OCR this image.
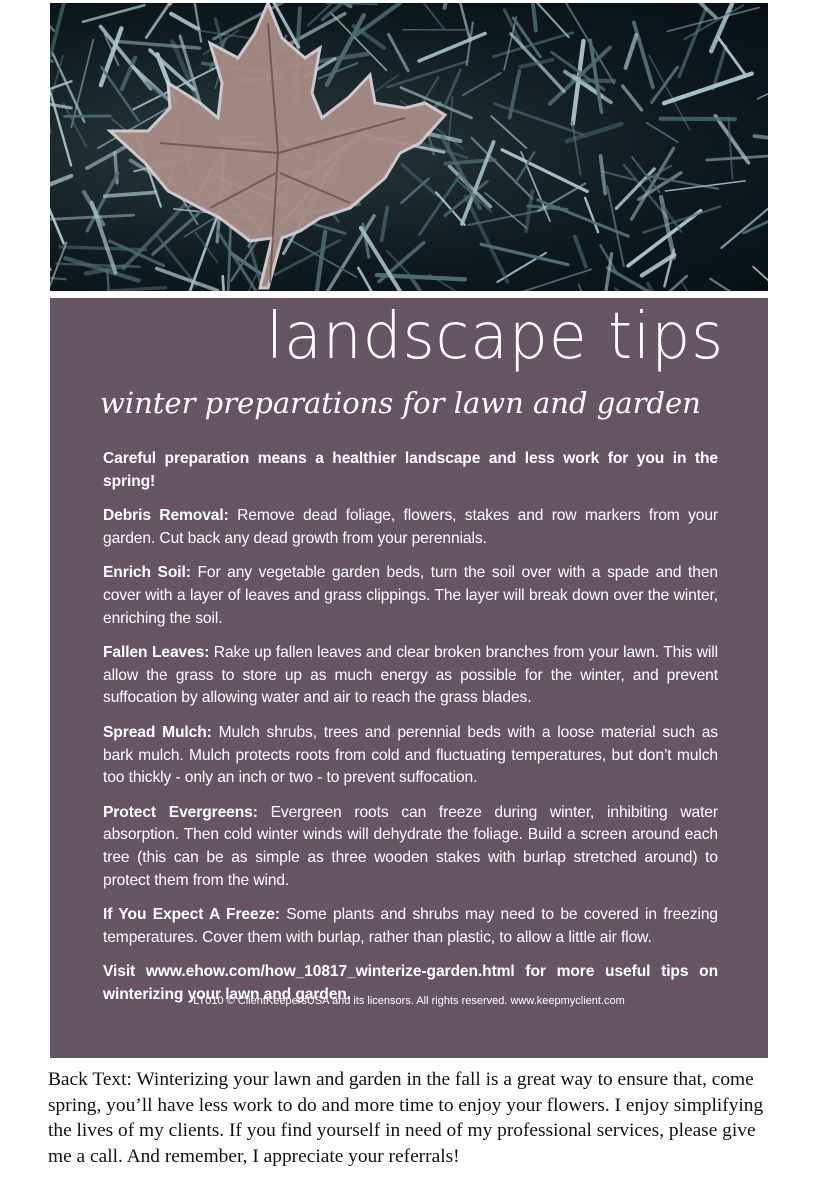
landscape tips
winter preparations for lawn and garden

Careful preparation means a healthier landscape and less work for you in the spring!

Debris Removal: Remove dead foliage, flowers, stakes and row markers from your garden. Cut back any dead growth from your perennials.

Enrich Soil: For any vegetable garden beds, turn the soil over with a spade and then cover with a layer of leaves and grass clippings. The layer will break down over the winter, enriching the soil.

Fallen Leaves: Rake up fallen leaves and clear broken branches from your lawn. This will allow the grass to store up as much energy as possible for the winter, and prevent suffocation by allowing water and air to reach the grass blades.

Spread Mulch: Mulch shrubs, trees and perennial beds with a loose material such as bark mulch. Mulch protects roots from cold and fluctuating temperatures, but don’t mulch too thickly - only an inch or two - to prevent suffocation.

Protect Evergreens: Evergreen roots can freeze during winter, inhibiting water absorption. Then cold winter winds will dehydrate the foliage. Build a screen around each tree (this can be as simple as three wooden stakes with burlap stretched around) to protect them from the wind.

If You Expect A Freeze: Some plants and shrubs may need to be covered in freezing temperatures. Cover them with burlap, rather than plastic, to allow a little air flow.

Visit www.ehow.com/how_10817_winterize-garden.html for more useful tips on winterizing your lawn and garden.

LT010 © ClientKeepersUSA and its licensors. All rights reserved. www.keepmyclient.com
Back Text: Winterizing your lawn and garden in the fall is a great way to ensure that, come spring, you’ll have less work to do and more time to enjoy your flowers. I enjoy simplifying the lives of my clients. If you find yourself in need of my professional services, please give me a call. And remember, I appreciate your referrals!
